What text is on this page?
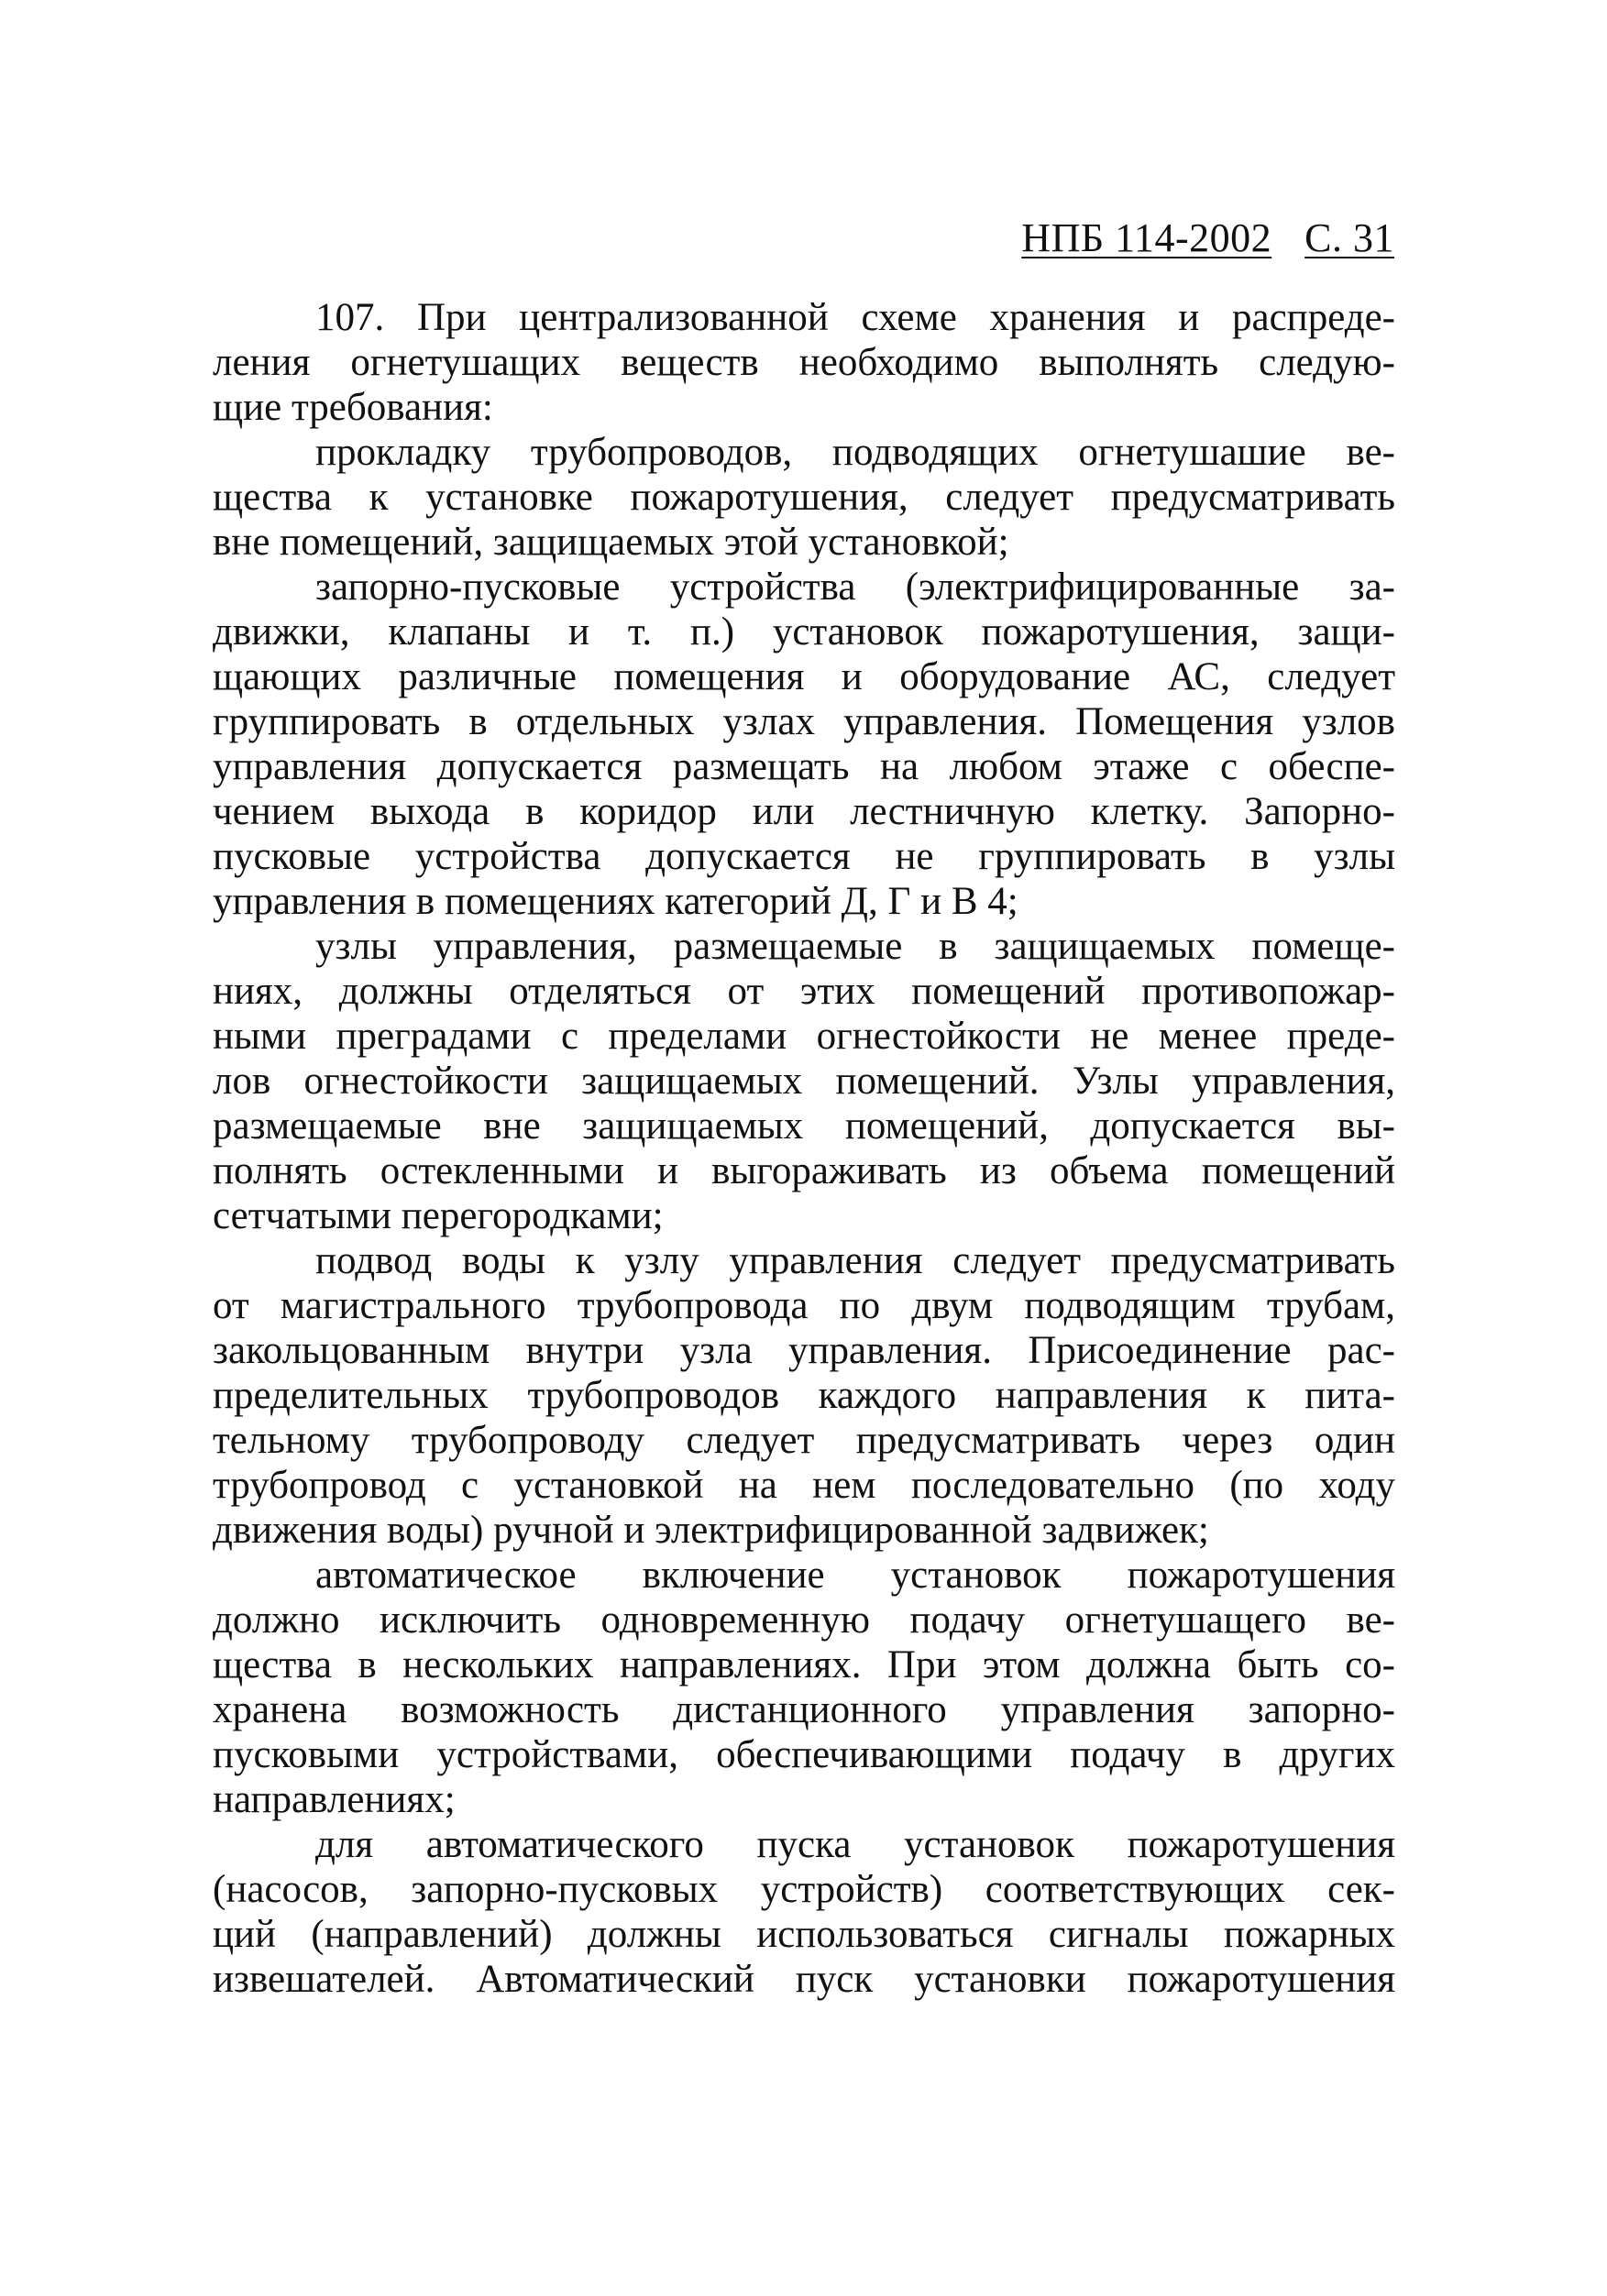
НПБ 114-2002 С. 31
107. При централизованной схеме хранения и распреде-
ления огнетушащих веществ необходимо выполнять следую-
щие требования:
прокладку трубопроводов, подводящих огнетушашие ве-
щества к установке пожаротушения, следует предусматривать
вне помещений, защищаемых этой установкой;
запорно-пусковые устройства (электрифицированные за-
движки, клапаны и т. п.) установок пожаротушения, защи-
щающих различные помещения и оборудование АС, следует
группировать в отдельных узлах управления. Помещения узлов
управления допускается размещать на любом этаже с обеспе-
чением выхода в коридор или лестничную клетку. Запорно-
пусковые устройства допускается не группировать в узлы
управления в помещениях категорий Д, Г и В 4;
узлы управления, размещаемые в защищаемых помеще-
ниях, должны отделяться от этих помещений противопожар-
ными преградами с пределами огнестойкости не менее преде-
лов огнестойкости защищаемых помещений. Узлы управления,
размещаемые вне защищаемых помещений, допускается вы-
полнять остекленными и выгораживать из объема помещений
сетчатыми перегородками;
подвод воды к узлу управления следует предусматривать
от магистрального трубопровода по двум подводящим трубам,
закольцованным внутри узла управления. Присоединение рас-
пределительных трубопроводов каждого направления к пита-
тельному трубопроводу следует предусматривать через один
трубопровод с установкой на нем последовательно (по ходу
движения воды) ручной и электрифицированной задвижек;
автоматическое включение установок пожаротушения
должно исключить одновременную подачу огнетушащего ве-
щества в нескольких направлениях. При этом должна быть со-
хранена возможность дистанционного управления запорно-
пусковыми устройствами, обеспечивающими подачу в других
направлениях;
для автоматического пуска установок пожаротушения
(насосов, запорно-пусковых устройств) соответствующих сек-
ций (направлений) должны использоваться сигналы пожарных
извешателей. Автоматический пуск установки пожаротушения
